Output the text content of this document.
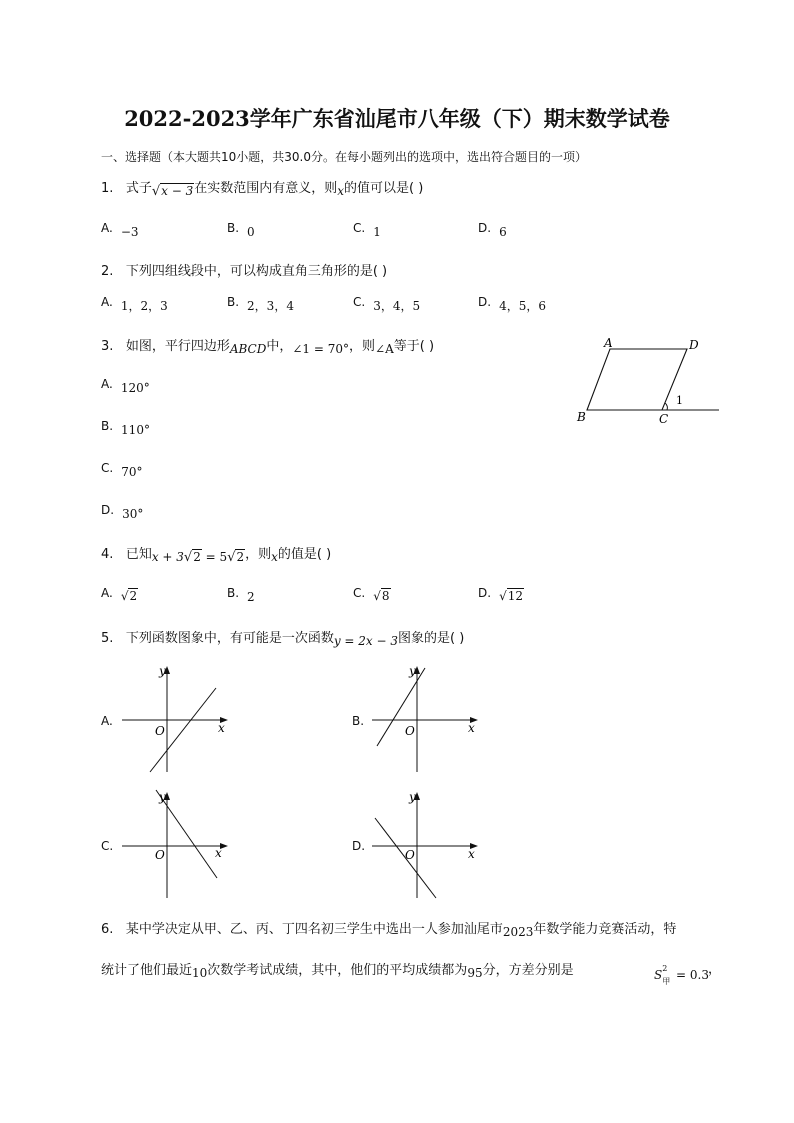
2022-2023学年广东省汕尾市八年级（下）期末数学试卷
一、选择题（本大题共10小题，共30.0分。在每小题列出的选项中，选出符合题目的一项）
1. 式子√x − 3在实数范围内有意义，则x的值可以是( )
A. −3	B. 0	C. 1	D. 6
2. 下列四组线段中，可以构成直角三角形的是( )
A. 1，2，3	B. 2，3，4	C. 3，4，5	D. 4，5，6
3. 如图，平行四边形ABCD中，∠1 = 70°，则∠A等于( )
A. 120°
B. 110°
C. 70°
D. 30°
A	D
B	C
1
4. 已知x + 3√2 = 5√2，则x的值是( )
A. √2	B. 2	C. √8	D. √12
5. 下列函数图象中，有可能是一次函数y = 2x − 3图象的是( )
A.	B.
C.	D.
x
y
O	x
y
O
x
y
O	x
y
O
6. 某中学决定从甲、乙、丙、丁四名初三学生中选出一人参加汕尾市2023年数学能力竞赛活动，特
统计了他们最近10次数学考试成绩，其中，他们的平均成绩都为95分，方差分别是	S 2
甲 = 0.3
，
